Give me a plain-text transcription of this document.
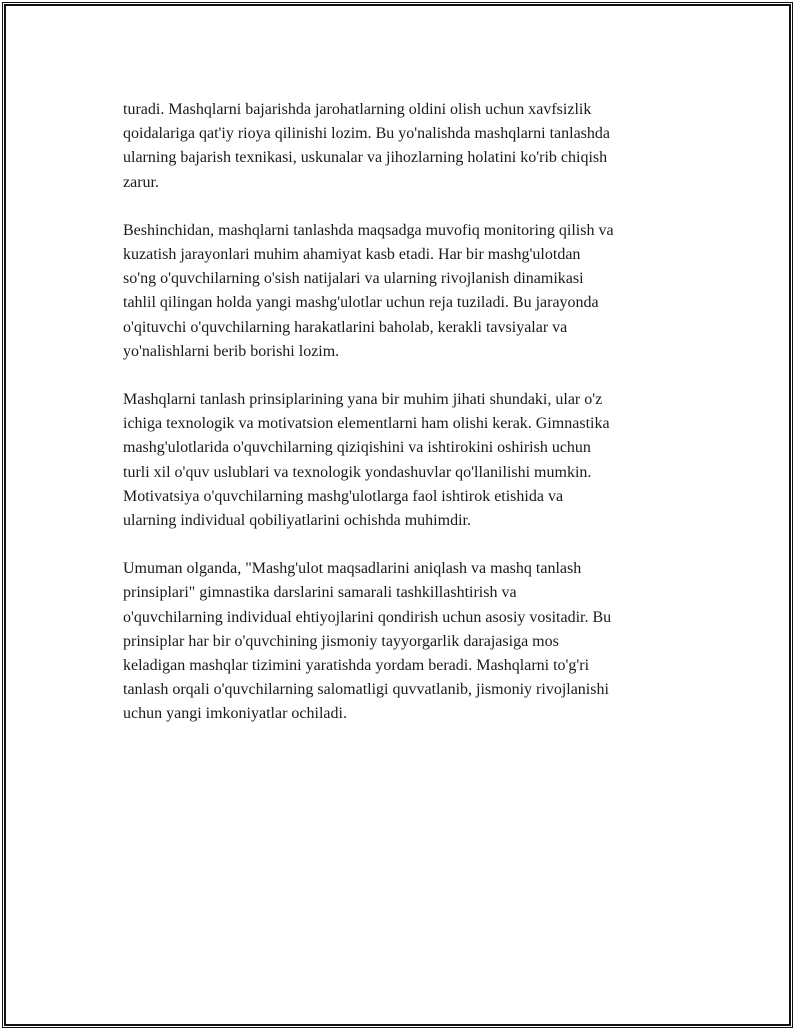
turadi. Mashqlarni bajarishda jarohatlarning oldini olish uchun xavfsizlik
qoidalariga qat'iy rioya qilinishi lozim. Bu yo'nalishda mashqlarni tanlashda
ularning bajarish texnikasi, uskunalar va jihozlarning holatini ko'rib chiqish
zarur.

Beshinchidan, mashqlarni tanlashda maqsadga muvofiq monitoring qilish va
kuzatish jarayonlari muhim ahamiyat kasb etadi. Har bir mashg'ulotdan
so'ng o'quvchilarning o'sish natijalari va ularning rivojlanish dinamikasi
tahlil qilingan holda yangi mashg'ulotlar uchun reja tuziladi. Bu jarayonda
o'qituvchi o'quvchilarning harakatlarini baholab, kerakli tavsiyalar va
yo'nalishlarni berib borishi lozim.

Mashqlarni tanlash prinsiplarining yana bir muhim jihati shundaki, ular o'z
ichiga texnologik va motivatsion elementlarni ham olishi kerak. Gimnastika
mashg'ulotlarida o'quvchilarning qiziqishini va ishtirokini oshirish uchun
turli xil o'quv uslublari va texnologik yondashuvlar qo'llanilishi mumkin.
Motivatsiya o'quvchilarning mashg'ulotlarga faol ishtirok etishida va
ularning individual qobiliyatlarini ochishda muhimdir.

Umuman olganda, "Mashg'ulot maqsadlarini aniqlash va mashq tanlash
prinsiplari" gimnastika darslarini samarali tashkillashtirish va
o'quvchilarning individual ehtiyojlarini qondirish uchun asosiy vositadir. Bu
prinsiplar har bir o'quvchining jismoniy tayyorgarlik darajasiga mos
keladigan mashqlar tizimini yaratishda yordam beradi. Mashqlarni to'g'ri
tanlash orqali o'quvchilarning salomatligi quvvatlanib, jismoniy rivojlanishi
uchun yangi imkoniyatlar ochiladi.
